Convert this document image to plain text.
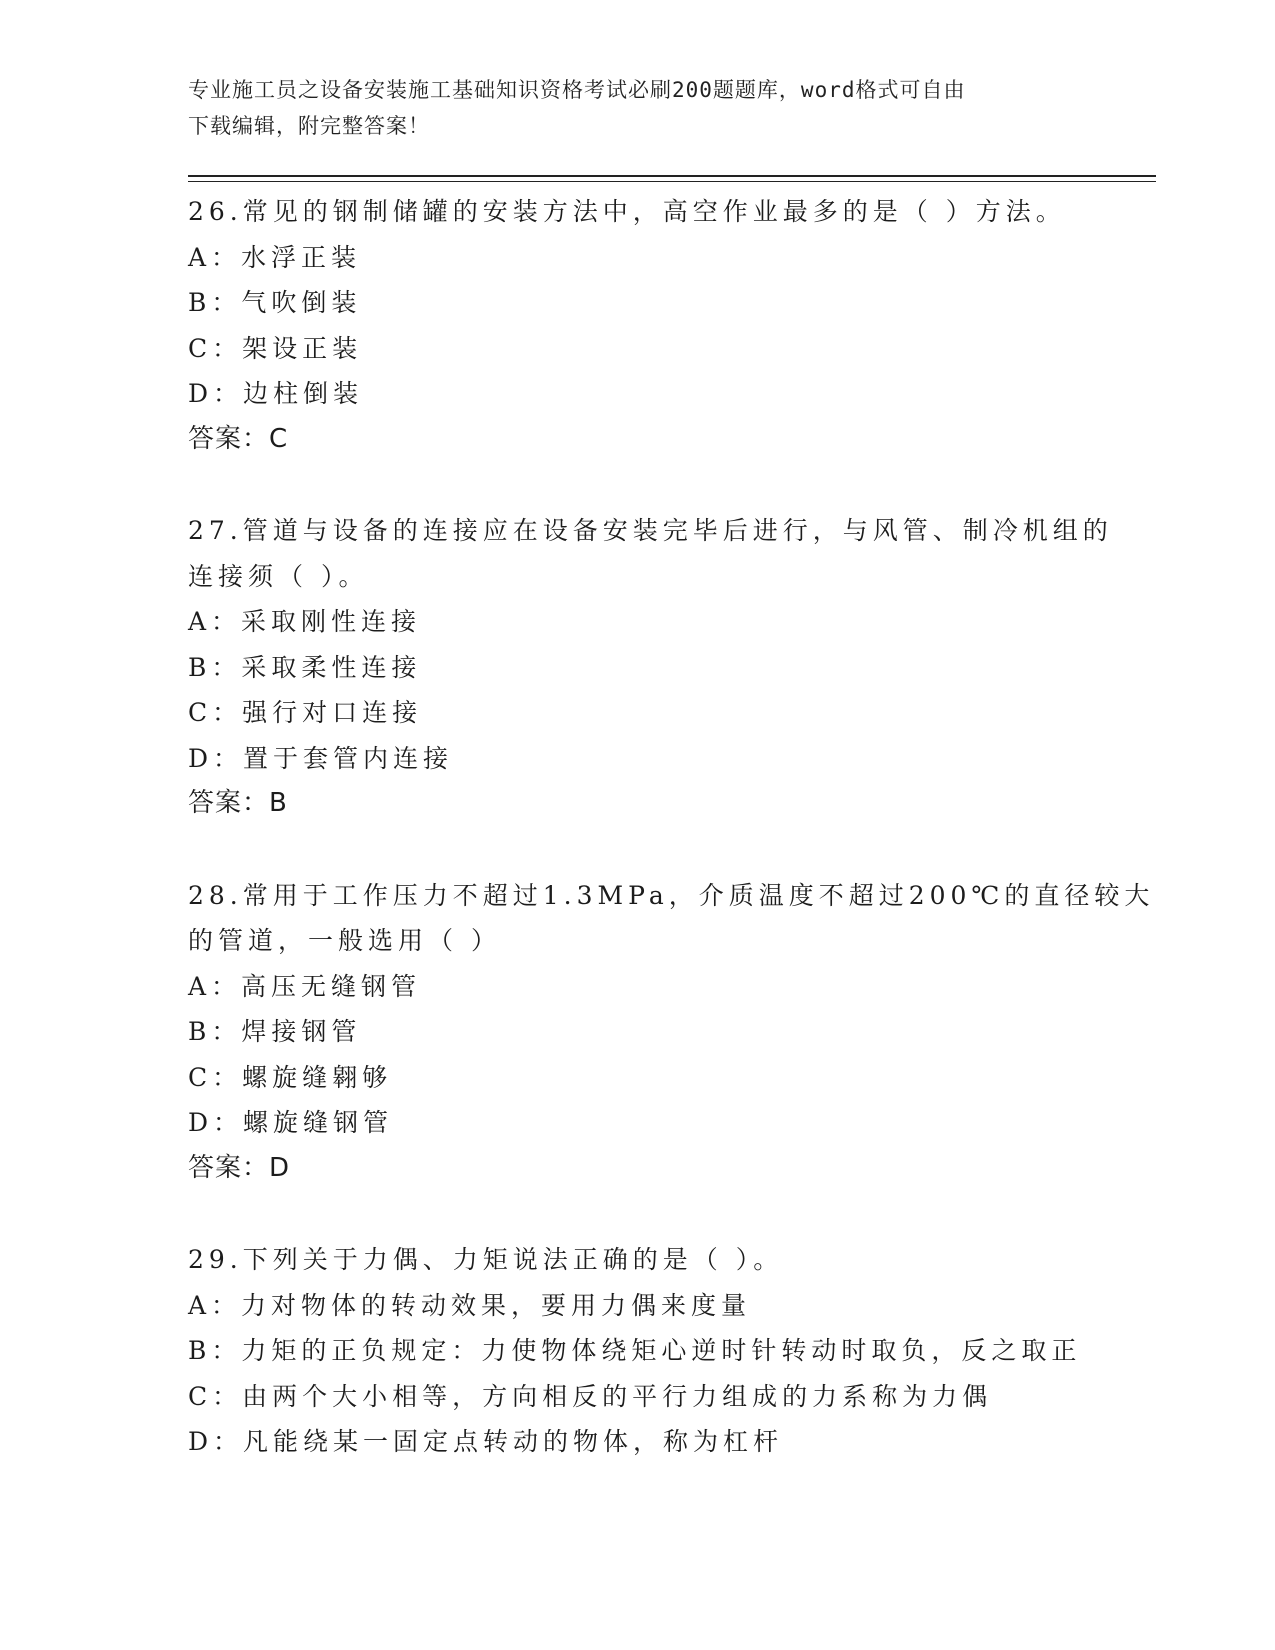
专业施工员之设备安装施工基础知识资格考试必刷200题题库，word格式可自由
下载编辑，附完整答案！
26.常见的钢制储罐的安装方法中，高空作业最多的是（ ）方法。
A：水浮正装
B：气吹倒装
C：架设正装
D：边柱倒装
答案：C
27.管道与设备的连接应在设备安装完毕后进行，与风管、制冷机组的
连接须（ ）。
A：采取刚性连接
B：采取柔性连接
C：强行对口连接
D：置于套管内连接
答案：B
28.常用于工作压力不超过1.3MPa，介质温度不超过200℃的直径较大
的管道，一般选用（ ）
A：高压无缝钢管
B：焊接钢管
C：螺旋缝翱够
D：螺旋缝钢管
答案：D
29.下列关于力偶、力矩说法正确的是（ ）。
A：力对物体的转动效果，要用力偶来度量
B：力矩的正负规定：力使物体绕矩心逆时针转动时取负，反之取正
C：由两个大小相等，方向相反的平行力组成的力系称为力偶
D：凡能绕某一固定点转动的物体，称为杠杆
